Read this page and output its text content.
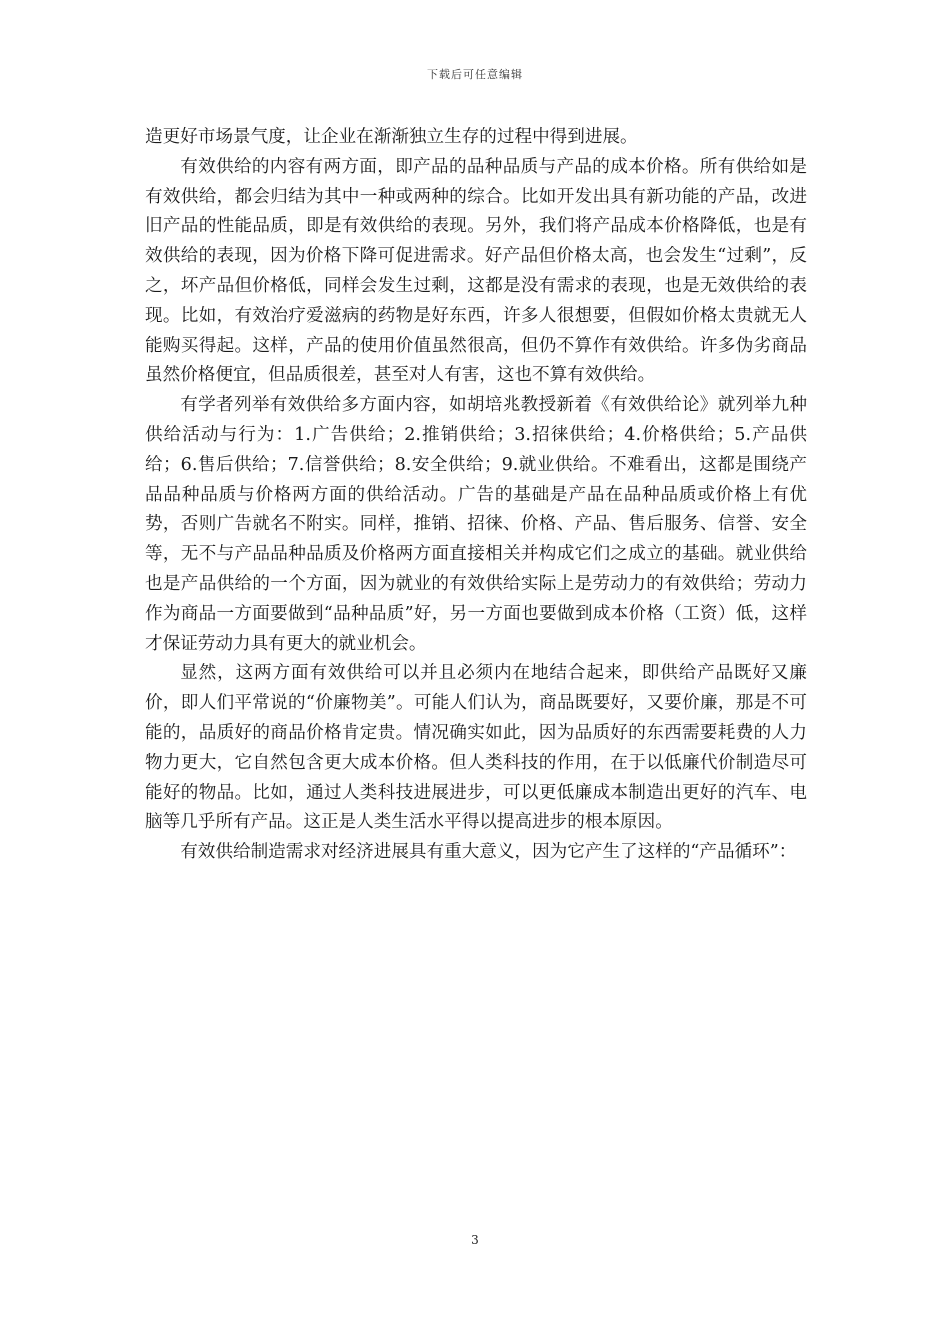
下载后可任意编辑

造更好市场景气度，让企业在渐渐独立生存的过程中得到进展。

有效供给的内容有两方面，即产品的品种品质与产品的成本价格。所有供给如是有效供给，都会归结为其中一种或两种的综合。比如开发出具有新功能的产品，改进旧产品的性能品质，即是有效供给的表现。另外，我们将产品成本价格降低，也是有效供给的表现，因为价格下降可促进需求。好产品但价格太高，也会发生“过剩”，反之，坏产品但价格低，同样会发生过剩，这都是没有需求的表现，也是无效供给的表现。比如，有效治疗爱滋病的药物是好东西，许多人很想要，但假如价格太贵就无人能购买得起。这样，产品的使用价值虽然很高，但仍不算作有效供给。许多伪劣商品虽然价格便宜，但品质很差，甚至对人有害，这也不算有效供给。

有学者列举有效供给多方面内容，如胡培兆教授新着《有效供给论》就列举九种供给活动与行为：1.广告供给；2.推销供给；3.招徕供给；4.价格供给；5.产品供给；6.售后供给；7.信誉供给；8.安全供给；9.就业供给。不难看出，这都是围绕产品品种品质与价格两方面的供给活动。广告的基础是产品在品种品质或价格上有优势，否则广告就名不附实。同样，推销、招徕、价格、产品、售后服务、信誉、安全等，无不与产品品种品质及价格两方面直接相关并构成它们之成立的基础。就业供给也是产品供给的一个方面，因为就业的有效供给实际上是劳动力的有效供给；劳动力作为商品一方面要做到“品种品质”好，另一方面也要做到成本价格（工资）低，这样才保证劳动力具有更大的就业机会。

显然，这两方面有效供给可以并且必须内在地结合起来，即供给产品既好又廉价，即人们平常说的“价廉物美”。可能人们认为，商品既要好，又要价廉，那是不可能的，品质好的商品价格肯定贵。情况确实如此，因为品质好的东西需要耗费的人力物力更大，它自然包含更大成本价格。但人类科技的作用，在于以低廉代价制造尽可能好的物品。比如，通过人类科技进展进步，可以更低廉成本制造出更好的汽车、电脑等几乎所有产品。这正是人类生活水平得以提高进步的根本原因。

有效供给制造需求对经济进展具有重大意义，因为它产生了这样的“产品循环”：

3
